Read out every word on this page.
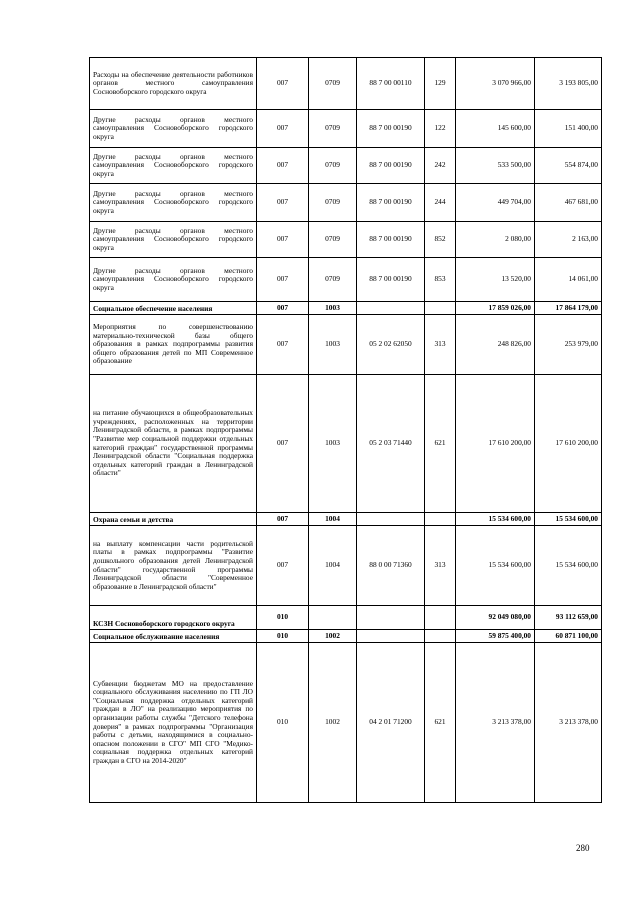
Расходы на обеспечение деятельности работников органов местного самоуправления Сосновоборского городского округа	007	0709	88 7 00 00110	129	3 070 966,00	3 193 805,00
Другие расходы органов местного самоуправления Сосновоборского городского округа	007	0709	88 7 00 00190	122	145 600,00	151 400,00
Другие расходы органов местного самоуправления Сосновоборского городского округа	007	0709	88 7 00 00190	242	533 500,00	554 874,00
Другие расходы органов местного самоуправления Сосновоборского городского округа	007	0709	88 7 00 00190	244	449 704,00	467 681,00
Другие расходы органов местного самоуправления Сосновоборского городского округа	007	0709	88 7 00 00190	852	2 080,00	2 163,00
Другие расходы органов местного самоуправления Сосновоборского городского округа	007	0709	88 7 00 00190	853	13 520,00	14 061,00
Социальное обеспечение населения	007	1003			17 859 026,00	17 864 179,00
Мероприятия по совершенствованию материально-технической базы общего образования в рамках подпрограммы развития общего образования детей по МП Современное образование	007	1003	05 2 02 62050	313	248 826,00	253 979,00
на питание обучающихся в общеобразовательных учреждениях, расположенных на территории Ленинградской области, в рамках подпрограммы "Развитие мер социальной поддержки отдельных категорий граждан" государственной программы Ленинградской области "Социальная поддержка отдельных категорий граждан в Ленинградской области"	007	1003	05 2 03 71440	621	17 610 200,00	17 610 200,00
Охрана семьи и детства	007	1004			15 534 600,00	15 534 600,00
на выплату компенсации части родительской платы в рамках подпрограммы "Развитие дошкольного образования детей Ленинградской области" государственной программы Ленинградской области "Современное образование в Ленинградской области"	007	1004	88 0 00 71360	313	15 534 600,00	15 534 600,00
КСЗН Сосновоборского городского округа	010				92 049 080,00	93 112 659,00
Социальное обслуживание населения	010	1002			59 875 400,00	60 871 100,00
Субвенции бюджетам МО на предоставление социального обслуживания населению по ГП ЛО "Социальная поддержка отдельных категорий граждан в ЛО" на реализацию мероприятия по организации работы службы "Детского телефона доверия" в рамках подпрограммы "Организация работы с детьми, находящимися в социально-опасном положении в СГО" МП СГО "Медико-социальная поддержка отдельных категорий граждан в СГО на 2014-2020"	010	1002	04 2 01 71200	621	3 213 378,00	3 213 378,00
280
